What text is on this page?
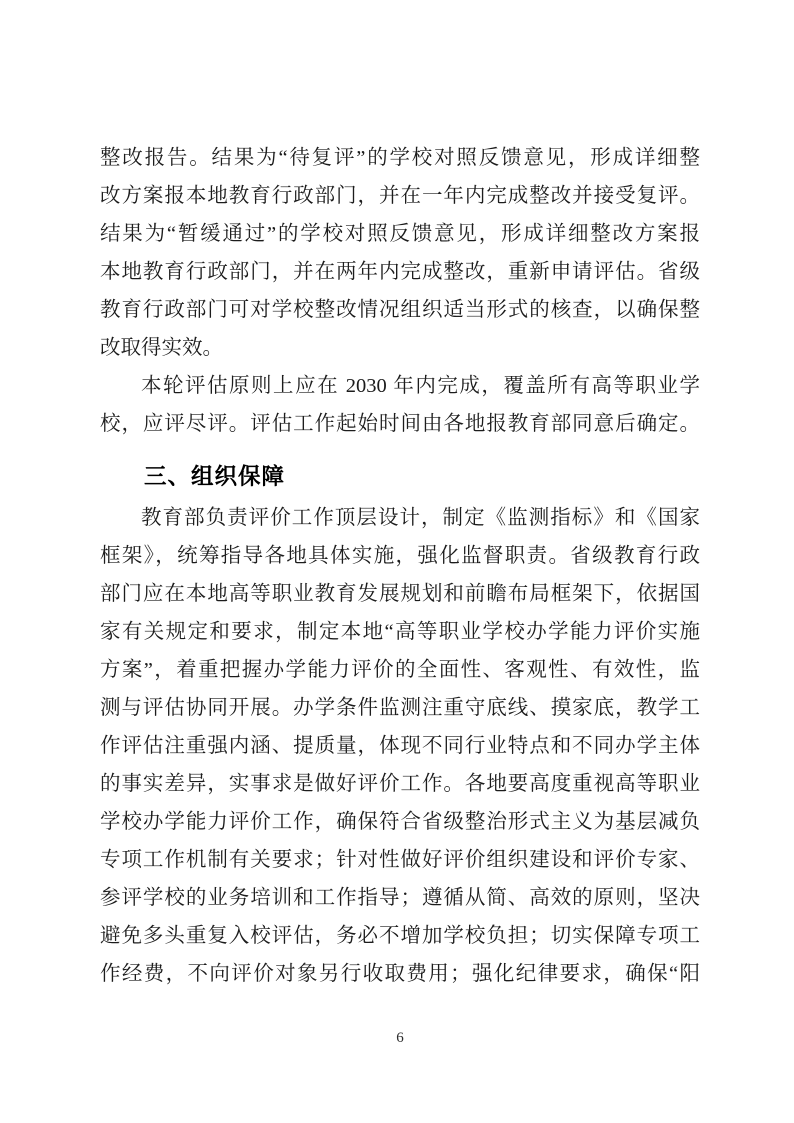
整改报告。结果为“待复评”的学校对照反馈意见，形成详细整
改方案报本地教育行政部门，并在一年内完成整改并接受复评。
结果为“暂缓通过”的学校对照反馈意见，形成详细整改方案报
本地教育行政部门，并在两年内完成整改，重新申请评估。省级
教育行政部门可对学校整改情况组织适当形式的核查，以确保整
改取得实效。
本轮评估原则上应在 2030 年内完成，覆盖所有高等职业学
校，应评尽评。评估工作起始时间由各地报教育部同意后确定。
三、组织保障
教育部负责评价工作顶层设计，制定《监测指标》和《国家
框架》，统筹指导各地具体实施，强化监督职责。省级教育行政
部门应在本地高等职业教育发展规划和前瞻布局框架下，依据国
家有关规定和要求，制定本地“高等职业学校办学能力评价实施
方案”，着重把握办学能力评价的全面性、客观性、有效性，监
测与评估协同开展。办学条件监测注重守底线、摸家底，教学工
作评估注重强内涵、提质量，体现不同行业特点和不同办学主体
的事实差异，实事求是做好评价工作。各地要高度重视高等职业
学校办学能力评价工作，确保符合省级整治形式主义为基层减负
专项工作机制有关要求；针对性做好评价组织建设和评价专家、
参评学校的业务培训和工作指导；遵循从简、高效的原则，坚决
避免多头重复入校评估，务必不增加学校负担；切实保障专项工
作经费，不向评价对象另行收取费用；强化纪律要求，确保“阳
6
